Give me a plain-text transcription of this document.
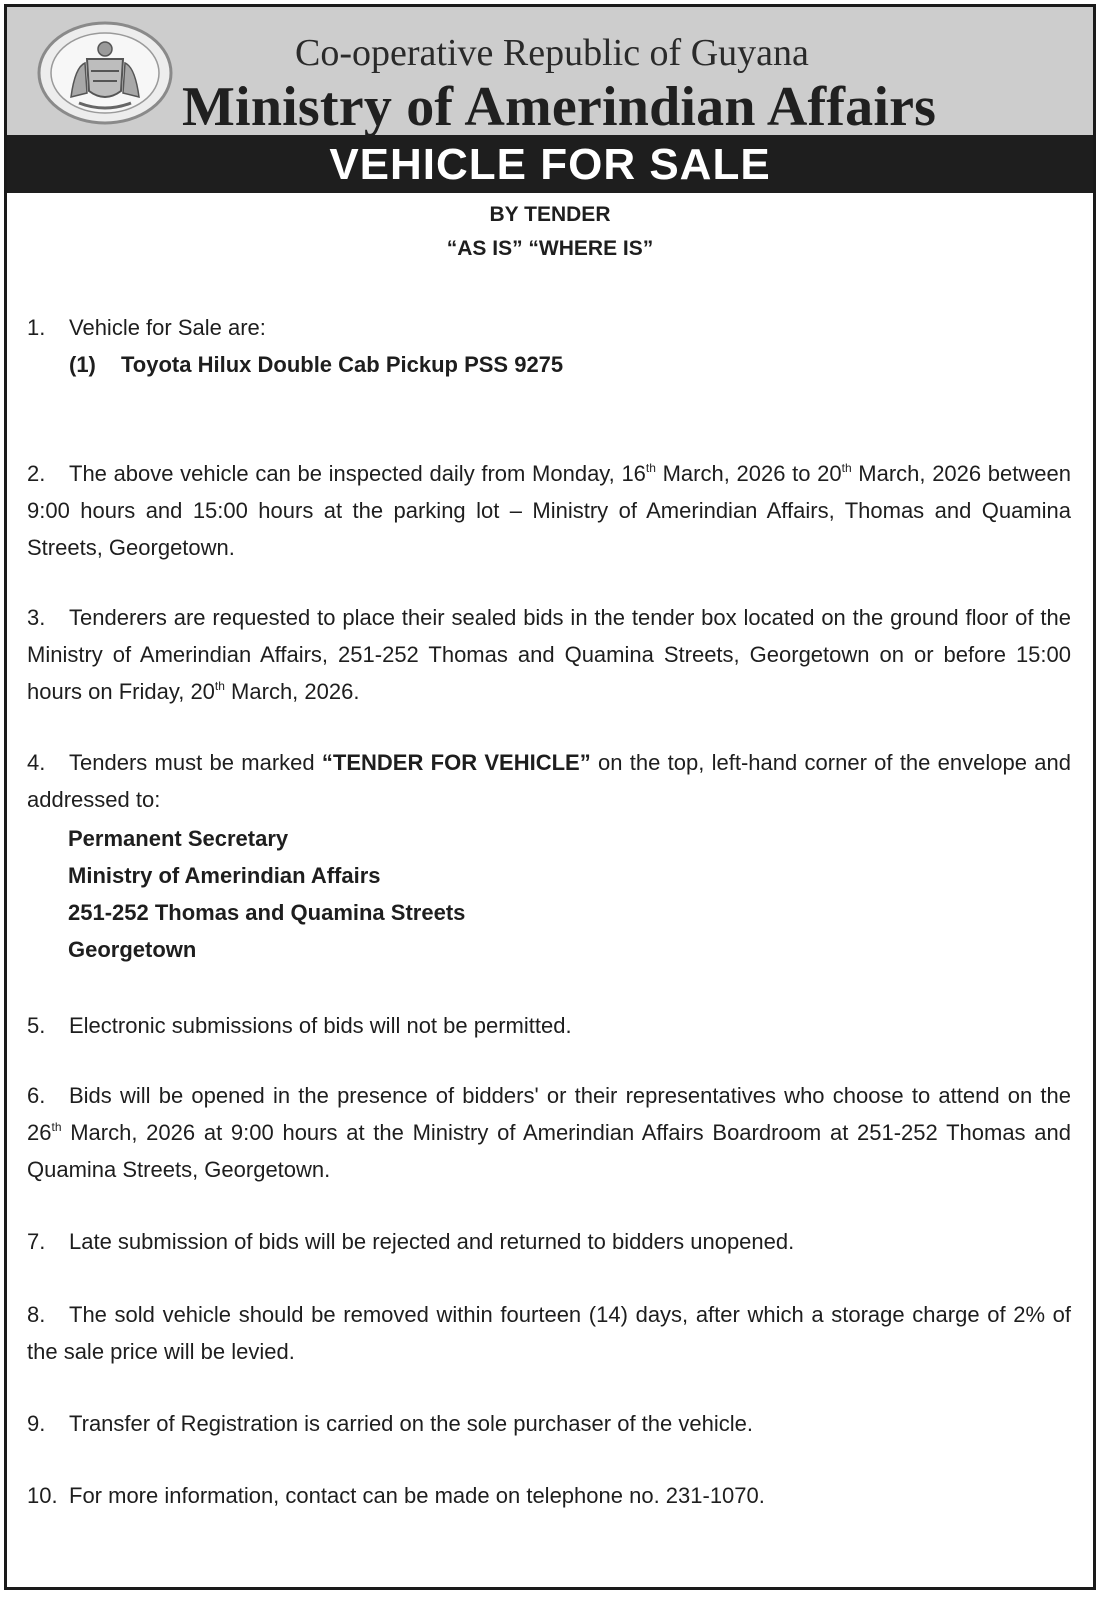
Co-operative Republic of Guyana
Ministry of Amerindian Affairs
VEHICLE FOR SALE
BY TENDER
“AS IS” “WHERE IS”
1. Vehicle for Sale are:
(1) Toyota Hilux Double Cab Pickup PSS 9275
2. The above vehicle can be inspected daily from Monday, 16th March, 2026 to 20th March, 2026 between 9:00 hours and 15:00 hours at the parking lot – Ministry of Amerindian Affairs, Thomas and Quamina Streets, Georgetown.
3. Tenderers are requested to place their sealed bids in the tender box located on the ground floor of the Ministry of Amerindian Affairs, 251-252 Thomas and Quamina Streets, Georgetown on or before 15:00 hours on Friday, 20th March, 2026.
4. Tenders must be marked “TENDER FOR VEHICLE” on the top, left-hand corner of the envelope and addressed to:
Permanent Secretary
Ministry of Amerindian Affairs
251-252 Thomas and Quamina Streets
Georgetown
5. Electronic submissions of bids will not be permitted.
6. Bids will be opened in the presence of bidders' or their representatives who choose to attend on the 26th March, 2026 at 9:00 hours at the Ministry of Amerindian Affairs Boardroom at 251-252 Thomas and Quamina Streets, Georgetown.
7. Late submission of bids will be rejected and returned to bidders unopened.
8. The sold vehicle should be removed within fourteen (14) days, after which a storage charge of 2% of the sale price will be levied.
9. Transfer of Registration is carried on the sole purchaser of the vehicle.
10. For more information, contact can be made on telephone no. 231-1070.
